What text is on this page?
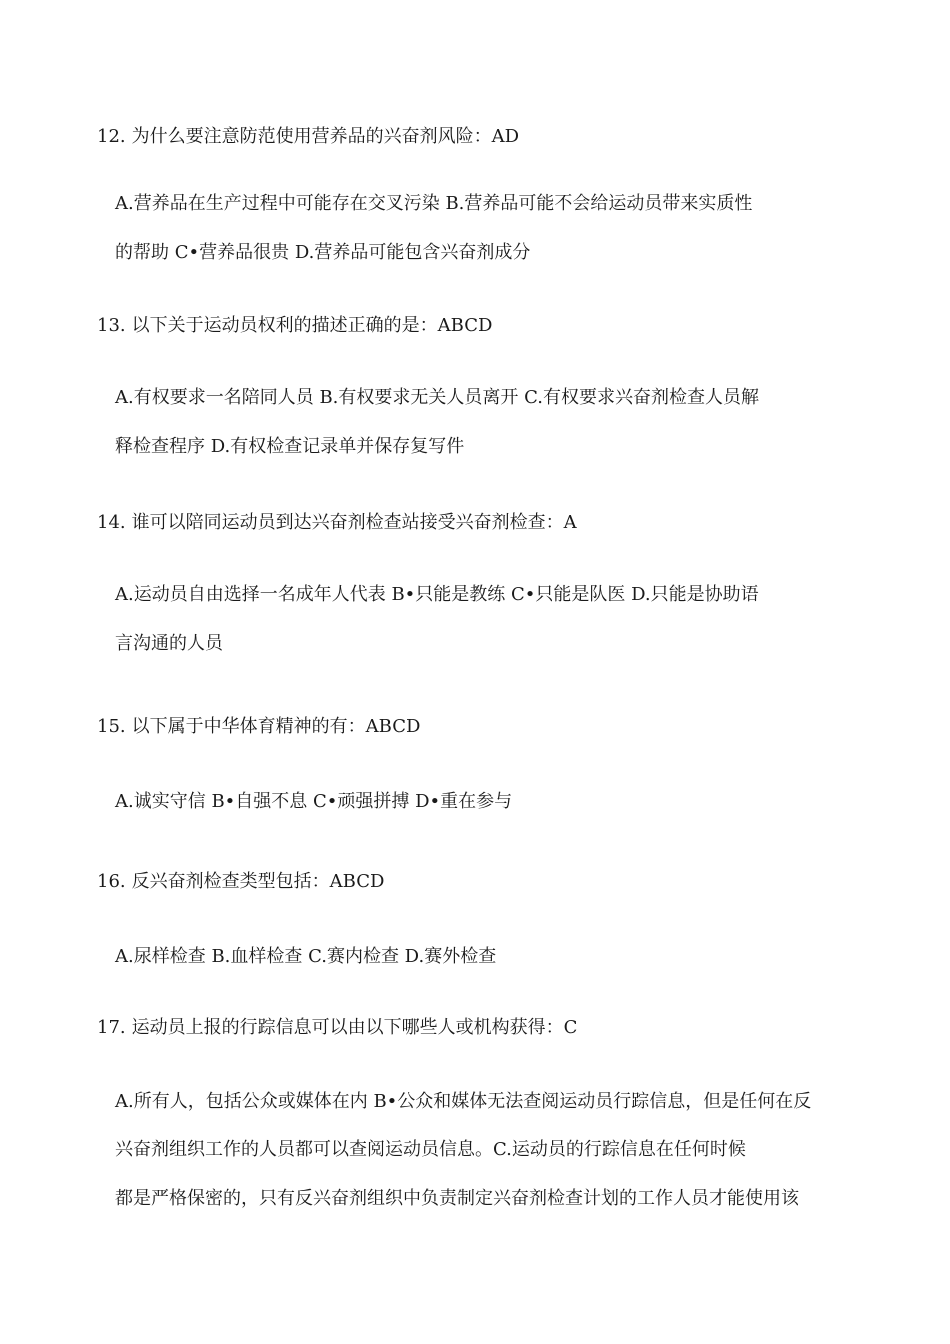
12. 为什么要注意防范使用营养品的兴奋剂风险：AD
A.营养品在生产过程中可能存在交叉污染 B.营养品可能不会给运动员带来实质性
的帮助 C•营养品很贵 D.营养品可能包含兴奋剂成分
13. 以下关于运动员权利的描述正确的是：ABCD
A.有权要求一名陪同人员 B.有权要求无关人员离开 C.有权要求兴奋剂检查人员解
释检查程序 D.有权检查记录单并保存复写件
14. 谁可以陪同运动员到达兴奋剂检查站接受兴奋剂检查：A
A.运动员自由选择一名成年人代表 B•只能是教练 C•只能是队医 D.只能是协助语
言沟通的人员
15. 以下属于中华体育精神的有：ABCD
A.诚实守信 B•自强不息 C•顽强拼搏 D•重在参与
16. 反兴奋剂检查类型包括：ABCD
A.尿样检查 B.血样检查 C.赛内检查 D.赛外检查
17. 运动员上报的行踪信息可以由以下哪些人或机构获得：C
A.所有人，包括公众或媒体在内 B•公众和媒体无法查阅运动员行踪信息，但是任何在反
兴奋剂组织工作的人员都可以查阅运动员信息。C.运动员的行踪信息在任何时候
都是严格保密的，只有反兴奋剂组织中负责制定兴奋剂检查计划的工作人员才能使用该
